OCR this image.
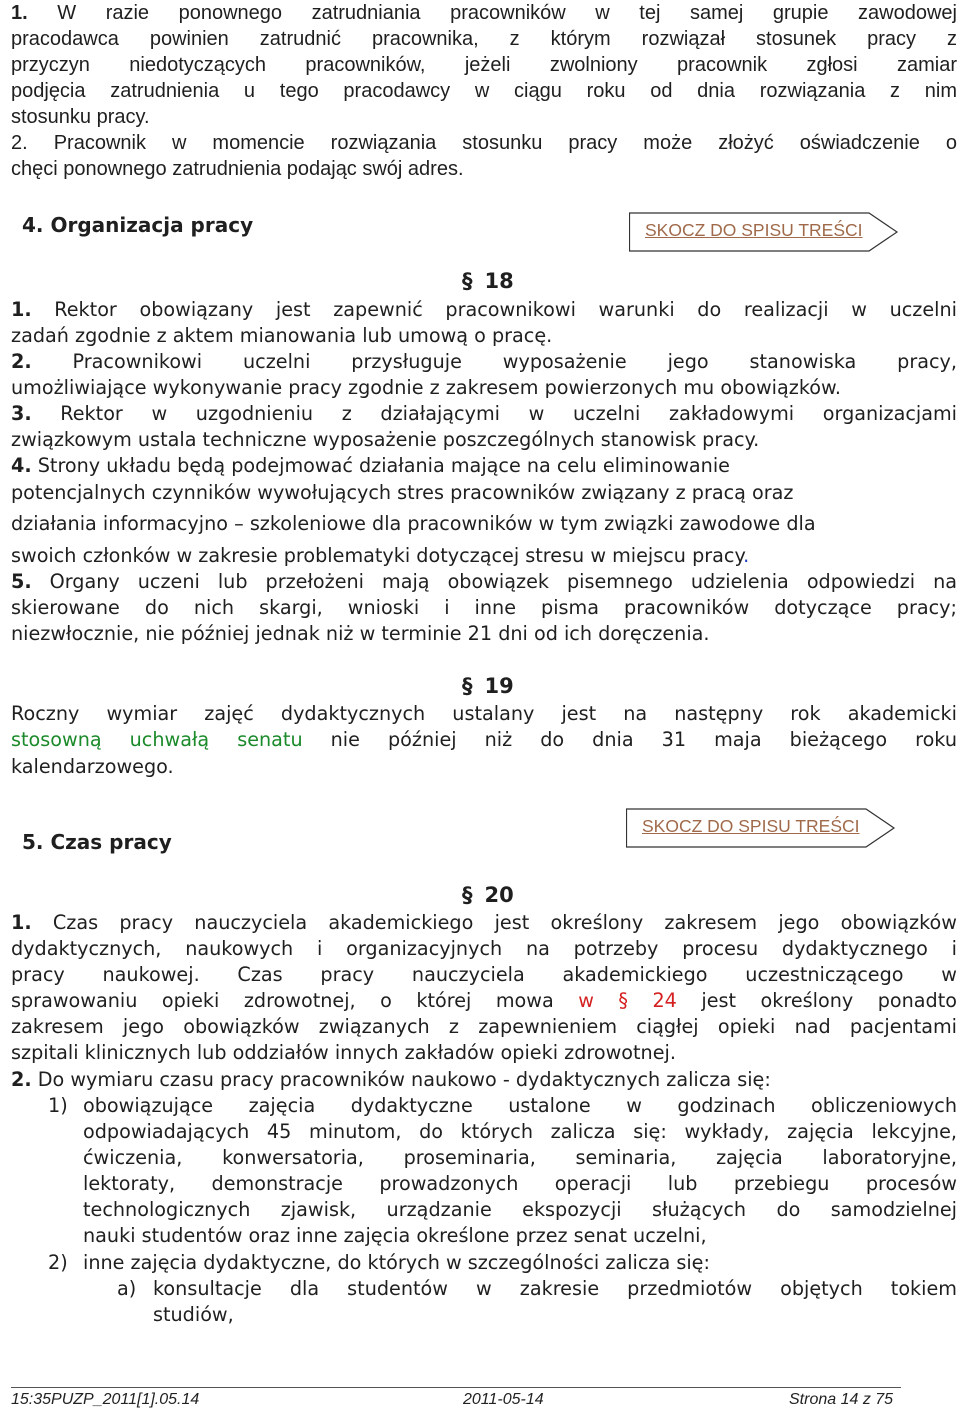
1. W razie ponownego zatrudniania pracowników w tej samej grupie zawodowej
pracodawca powinien zatrudnić pracownika, z którym rozwiązał stosunek pracy z
przyczyn niedotyczących pracowników, jeżeli zwolniony pracownik zgłosi zamiar
podjęcia zatrudnienia u tego pracodawcy w ciągu roku od dnia rozwiązania z nim
stosunku pracy.
2. Pracownik w momencie rozwiązania stosunku pracy może złożyć oświadczenie o
chęci ponownego zatrudnienia podając swój adres.
4. Organizacja pracy	SKOCZ DO SPISU TREŚCI
§ 18
1. Rektor obowiązany jest zapewnić pracownikowi warunki do realizacji w uczelni
zadań zgodnie z aktem mianowania lub umową o pracę.
2. Pracownikowi uczelni przysługuje wyposażenie jego stanowiska pracy,
umożliwiające wykonywanie pracy zgodnie z zakresem powierzonych mu obowiązków.
3. Rektor w uzgodnieniu z działającymi w uczelni zakładowymi organizacjami
związkowym ustala techniczne wyposażenie poszczególnych stanowisk pracy.
4. Strony układu będą podejmować działania mające na celu eliminowanie
potencjalnych czynników wywołujących stres pracowników związany z pracą oraz
działania informacyjno – szkoleniowe dla pracowników w tym związki zawodowe dla
swoich członków w zakresie problematyki dotyczącej stresu w miejscu pracy.
5. Organy uczeni lub przełożeni mają obowiązek pisemnego udzielenia odpowiedzi na
skierowane do nich skargi, wnioski i inne pisma pracowników dotyczące pracy;
niezwłocznie, nie później jednak niż w terminie 21 dni od ich doręczenia.
§ 19
Roczny wymiar zajęć dydaktycznych ustalany jest na następny rok akademicki
stosowną uchwałą senatu nie później niż do dnia 31 maja bieżącego roku
kalendarzowego.
SKOCZ DO SPISU TREŚCI
5. Czas pracy
§ 20
1. Czas pracy nauczyciela akademickiego jest określony zakresem jego obowiązków
dydaktycznych, naukowych i organizacyjnych na potrzeby procesu dydaktycznego i
pracy naukowej. Czas pracy nauczyciela akademickiego uczestniczącego w
sprawowaniu opieki zdrowotnej, o której mowa w § 24 jest określony ponadto
zakresem jego obowiązków związanych z zapewnieniem ciągłej opieki nad pacjentami
szpitali klinicznych lub oddziałów innych zakładów opieki zdrowotnej.
2. Do wymiaru czasu pracy pracowników naukowo - dydaktycznych zalicza się:
1) obowiązujące zajęcia dydaktyczne ustalone w godzinach obliczeniowych
odpowiadających 45 minutom, do których zalicza się: wykłady, zajęcia lekcyjne,
ćwiczenia, konwersatoria, proseminaria, seminaria, zajęcia laboratoryjne,
lektoraty, demonstracje prowadzonych operacji lub przebiegu procesów
technologicznych zjawisk, urządzanie ekspozycji służących do samodzielnej
nauki studentów oraz inne zajęcia określone przez senat uczelni,
2) inne zajęcia dydaktyczne, do których w szczególności zalicza się:
a) konsultacje dla studentów w zakresie przedmiotów objętych tokiem
studiów,
15:35PUZP_2011[1].05.14	2011-05-14	Strona 14 z 75
